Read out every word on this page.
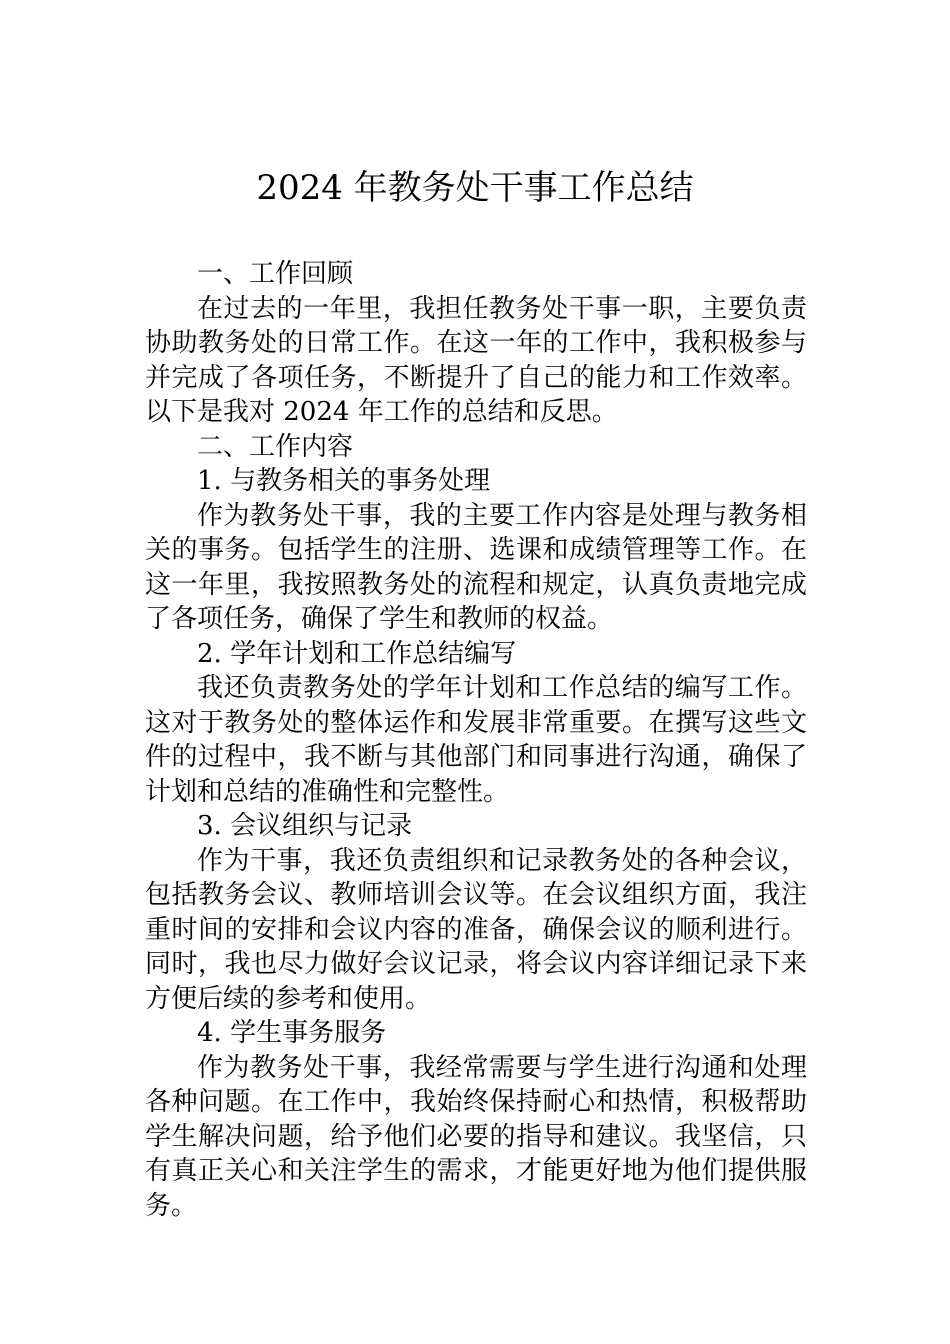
2024 年教务处干事工作总结

一、工作回顾

在过去的一年里，我担任教务处干事一职，主要负责协助教务处的日常工作。在这一年的工作中，我积极参与并完成了各项任务，不断提升了自己的能力和工作效率。以下是我对 2024 年工作的总结和反思。

二、工作内容

1. 与教务相关的事务处理

作为教务处干事，我的主要工作内容是处理与教务相关的事务。包括学生的注册、选课和成绩管理等工作。在这一年里，我按照教务处的流程和规定，认真负责地完成了各项任务，确保了学生和教师的权益。

2. 学年计划和工作总结编写

我还负责教务处的学年计划和工作总结的编写工作。这对于教务处的整体运作和发展非常重要。在撰写这些文件的过程中，我不断与其他部门和同事进行沟通，确保了计划和总结的准确性和完整性。

3. 会议组织与记录

作为干事，我还负责组织和记录教务处的各种会议，包括教务会议、教师培训会议等。在会议组织方面，我注重时间的安排和会议内容的准备，确保会议的顺利进行。同时，我也尽力做好会议记录，将会议内容详细记录下来方便后续的参考和使用。

4. 学生事务服务

作为教务处干事，我经常需要与学生进行沟通和处理各种问题。在工作中，我始终保持耐心和热情，积极帮助学生解决问题，给予他们必要的指导和建议。我坚信，只有真正关心和关注学生的需求，才能更好地为他们提供服务。
